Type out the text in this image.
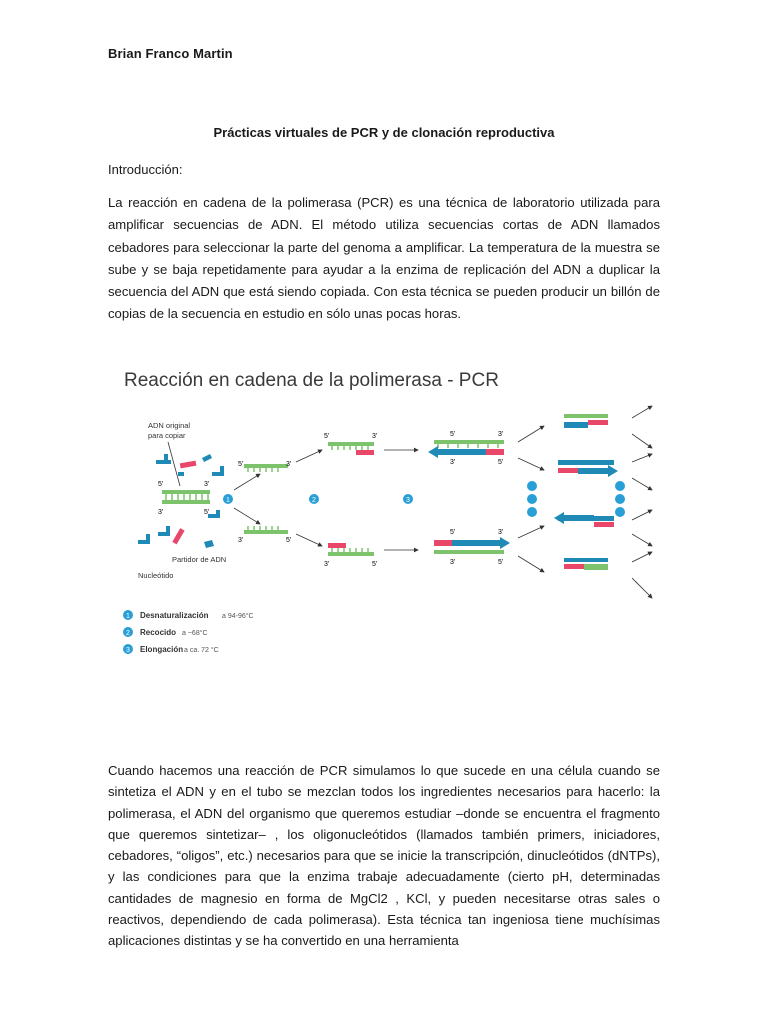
Brian Franco Martin
Prácticas virtuales de PCR y de clonación reproductiva
Introducción:

La reacción en cadena de la polimerasa (PCR) es una técnica de laboratorio utilizada para amplificar secuencias de ADN. El método utiliza secuencias cortas de ADN llamados cebadores para seleccionar la parte del genoma a amplificar. La temperatura de la muestra se sube y se baja repetidamente para ayudar a la enzima de replicación del ADN a duplicar la secuencia del ADN que está siendo copiada. Con esta técnica se pueden producir un billón de copias de la secuencia en estudio en sólo unas pocas horas.

5'	3'
3'	5'
ADN original
para copiar
Partidor de ADN
Nucleótido
1
5'	3'
3'	5'
2
5'	3'
3'	5'
3
5'	3'
3'	5'
5'	3'
3'	5'
1 Desnaturalización a 94-96°C
2 Recocido a ~68°C
3 Elongación a ca. 72 °C
Reacción en cadena de la polimerasa - PCR

Cuando hacemos una reacción de PCR simulamos lo que sucede en una célula cuando se sintetiza el ADN y en el tubo se mezclan todos los ingredientes necesarios para hacerlo: la polimerasa, el ADN del organismo que queremos estudiar –donde se encuentra el fragmento que queremos sintetizar– , los oligonucleótidos (llamados también primers, iniciadores, cebadores, “oligos”, etc.) necesarios para que se inicie la transcripción, dinucleótidos (dNTPs), y las condiciones para que la enzima trabaje adecuadamente (cierto pH, determinadas cantidades de magnesio en forma de MgCl2 , KCl, y pueden necesitarse otras sales o reactivos, dependiendo de cada polimerasa). Esta técnica tan ingeniosa tiene muchísimas aplicaciones distintas y se ha convertido en una herramienta
